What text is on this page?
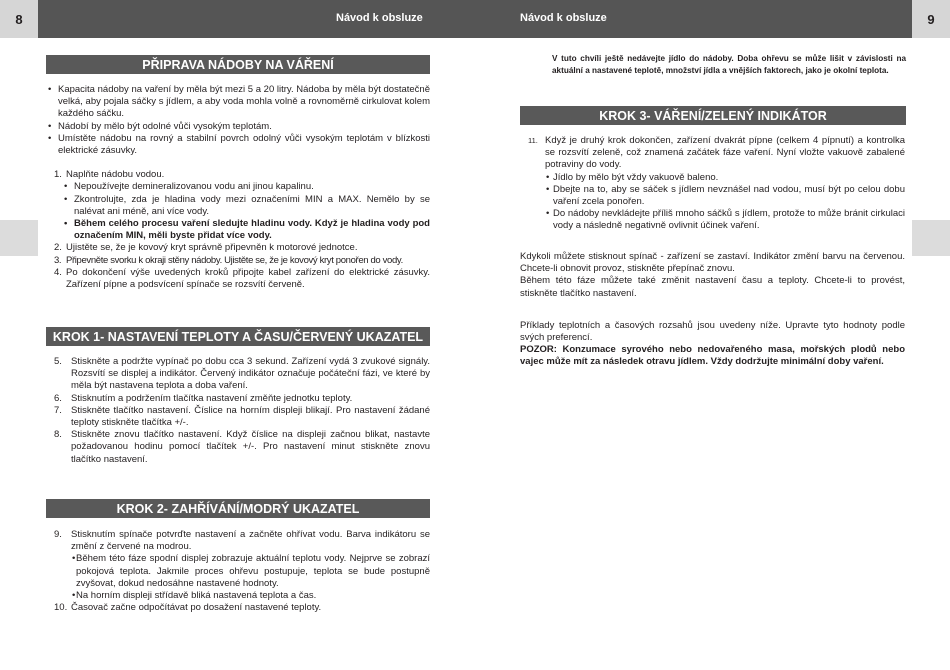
8	9
Návod k obsluze	Návod k obsluze
PŘIPRAVA NÁDOBY NA VÁŘENÍ

• Kapacita nádoby na vaření by měla být mezi 5 a 20 litry. Nádoba by měla být dostatečně velká, aby pojala sáčky s jídlem, a aby voda mohla volně a rovnoměrně cirkulovat kolem každého sáčku.

• Nádobí by mělo být odolné vůči vysokým teplotám.

• Umístěte nádobu na rovný a stabilní povrch odolný vůči vysokým teplotám v blízkosti elektrické zásuvky.

1. Naplňte nádobu vodou.

• Nepoužívejte demineralizovanou vodu ani jinou kapalinu.

• Zkontrolujte, zda je hladina vody mezi označeními MIN a MAX. Nemělo by se nalévat ani méně, ani více vody.

• Během celého procesu vaření sledujte hladinu vody. Když je hladina vody pod označením MIN, měli byste přidat více vody.

2. Ujistěte se, že je kovový kryt správně připevněn k motorové jednotce.
3. Připevněte svorku k okraji stěny nádoby. Ujistěte se, že je kovový kryt ponořen do vody.
4. Po dokončení výše uvedených kroků připojte kabel zařízení do elektrické zásuvky. Zařízení pípne a podsvícení spínače se rozsvítí červeně.
KROK 1- NASTAVENÍ TEPLOTY A ČASU/ČERVENÝ UKAZATEL
5. Stiskněte a podržte vypínač po dobu cca 3 sekund. Zařízení vydá 3 zvukové signály. Rozsvítí se displej a indikátor. Červený indikátor označuje počáteční fázi, ve které by měla být nastavena teplota a doba vaření.
6. Stisknutím a podržením tlačítka nastavení změňte jednotku teploty.
7. Stiskněte tlačítko nastavení. Číslice na horním displeji blikají. Pro nastavení žádané teploty stiskněte tlačítka +/-.
8. Stiskněte znovu tlačítko nastavení. Když číslice na displeji začnou blikat, nastavte požadovanou hodinu pomocí tlačítek +/-. Pro nastavení minut stiskněte znovu tlačítko nastavení.
KROK 2- ZAHŘÍVÁNÍ/MODRÝ UKAZATEL
9. Stisknutím spínače potvrďte nastavení a začněte ohřívat vodu. Barva indikátoru se změní z červené na modrou.

• Během této fáze spodní displej zobrazuje aktuální teplotu vody. Nejprve se zobrazí pokojová teplota. Jakmile proces ohřevu postupuje, teplota se bude postupně zvyšovat, dokud nedosáhne nastavené hodnoty.

• Na horním displeji střídavě bliká nastavená teplota a čas.

10. Časovač začne odpočítávat po dosažení nastavené teploty.
V tuto chvíli ještě nedávejte jídlo do nádoby. Doba ohřevu se může lišit v závislosti na aktuální a nastavené teplotě, množství jídla a vnějších faktorech, jako je okolní teplota.
KROK 3- VÁŘENÍ/ZELENÝ INDIKÁTOR
11. Když je druhý krok dokončen, zařízení dvakrát pípne (celkem 4 pípnutí) a kontrolka se rozsvítí zeleně, což znamená začátek fáze vaření. Nyní vložte vakuově zabalené potraviny do vody.

• Jídlo by mělo být vždy vakuově baleno.

• Dbejte na to, aby se sáček s jídlem nevznášel nad vodou, musí být po celou dobu vaření zcela ponořen.

• Do nádoby nevkládejte příliš mnoho sáčků s jídlem, protože to může bránit cirkulaci vody a následně negativně ovlivnit účinek vaření.

Kdykoli můžete stisknout spínač - zařízení se zastaví. Indikátor změní barvu na červenou. Chcete-li obnovit provoz, stiskněte přepínač znovu.

Během této fáze můžete také změnit nastavení času a teploty. Chcete-li to provést, stiskněte tlačítko nastavení.

Příklady teplotních a časových rozsahů jsou uvedeny níže. Upravte tyto hodnoty podle svých preferencí.

POZOR: Konzumace syrového nebo nedovařeného masa, mořských plodů nebo vajec může mít za následek otravu jídlem. Vždy dodržujte minimální doby vaření.
